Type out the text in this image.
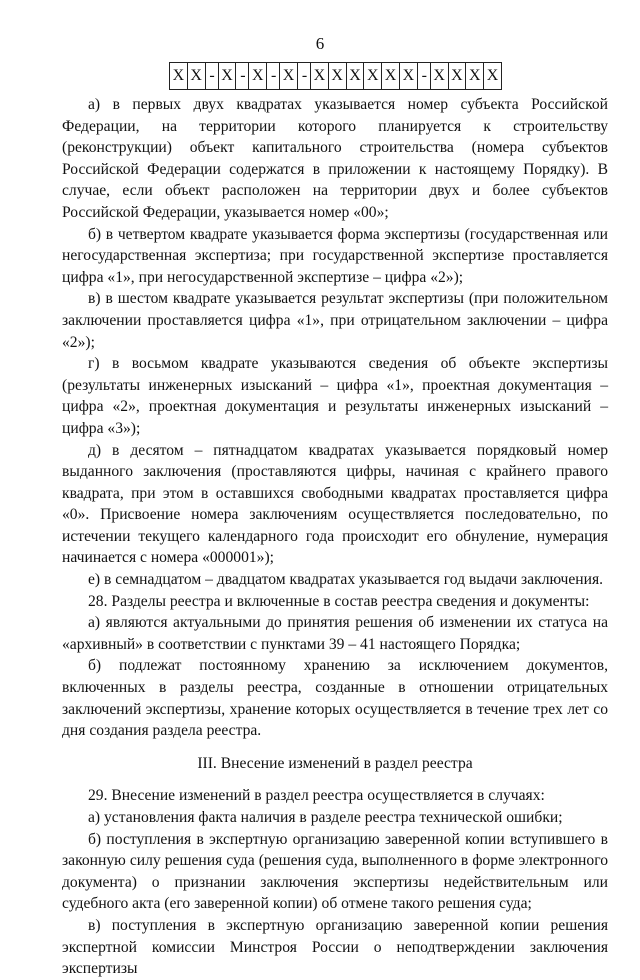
6
X X - X - X - X - X X X X X X - X X X X

а) в первых двух квадратах указывается номер субъекта Российской Федерации, на территории которого планируется к строительству (реконструкции) объект капитального строительства (номера субъектов Российской Федерации содержатся в приложении к настоящему Порядку). В случае, если объект расположен на территории двух и более субъектов Российской Федерации, указывается номер «00»;

б) в четвертом квадрате указывается форма экспертизы (государственная или негосударственная экспертиза; при государственной экспертизе проставляется цифра «1», при негосударственной экспертизе – цифра «2»);

в) в шестом квадрате указывается результат экспертизы (при положительном заключении проставляется цифра «1», при отрицательном заключении – цифра «2»);

г) в восьмом квадрате указываются сведения об объекте экспертизы (результаты инженерных изысканий – цифра «1», проектная документация – цифра «2», проектная документация и результаты инженерных изысканий – цифра «3»);

д) в десятом – пятнадцатом квадратах указывается порядковый номер выданного заключения (проставляются цифры, начиная с крайнего правого квадрата, при этом в оставшихся свободными квадратах проставляется цифра «0». Присвоение номера заключениям осуществляется последовательно, по истечении текущего календарного года происходит его обнуление, нумерация начинается с номера «000001»);

е) в семнадцатом – двадцатом квадратах указывается год выдачи заключения.

28. Разделы реестра и включенные в состав реестра сведения и документы:

а) являются актуальными до принятия решения об изменении их статуса на «архивный» в соответствии с пунктами 39 – 41 настоящего Порядка;

б) подлежат постоянному хранению за исключением документов, включенных в разделы реестра, созданные в отношении отрицательных заключений экспертизы, хранение которых осуществляется в течение трех лет со дня создания раздела реестра.

III. Внесение изменений в раздел реестра

29. Внесение изменений в раздел реестра осуществляется в случаях:

а) установления факта наличия в разделе реестра технической ошибки;

б) поступления в экспертную организацию заверенной копии вступившего в законную силу решения суда (решения суда, выполненного в форме электронного документа) о признании заключения экспертизы недействительным или судебного акта (его заверенной копии) об отмене такого решения суда;

в) поступления в экспертную организацию заверенной копии решения экспертной комиссии Минстроя России о неподтверждении заключения экспертизы
